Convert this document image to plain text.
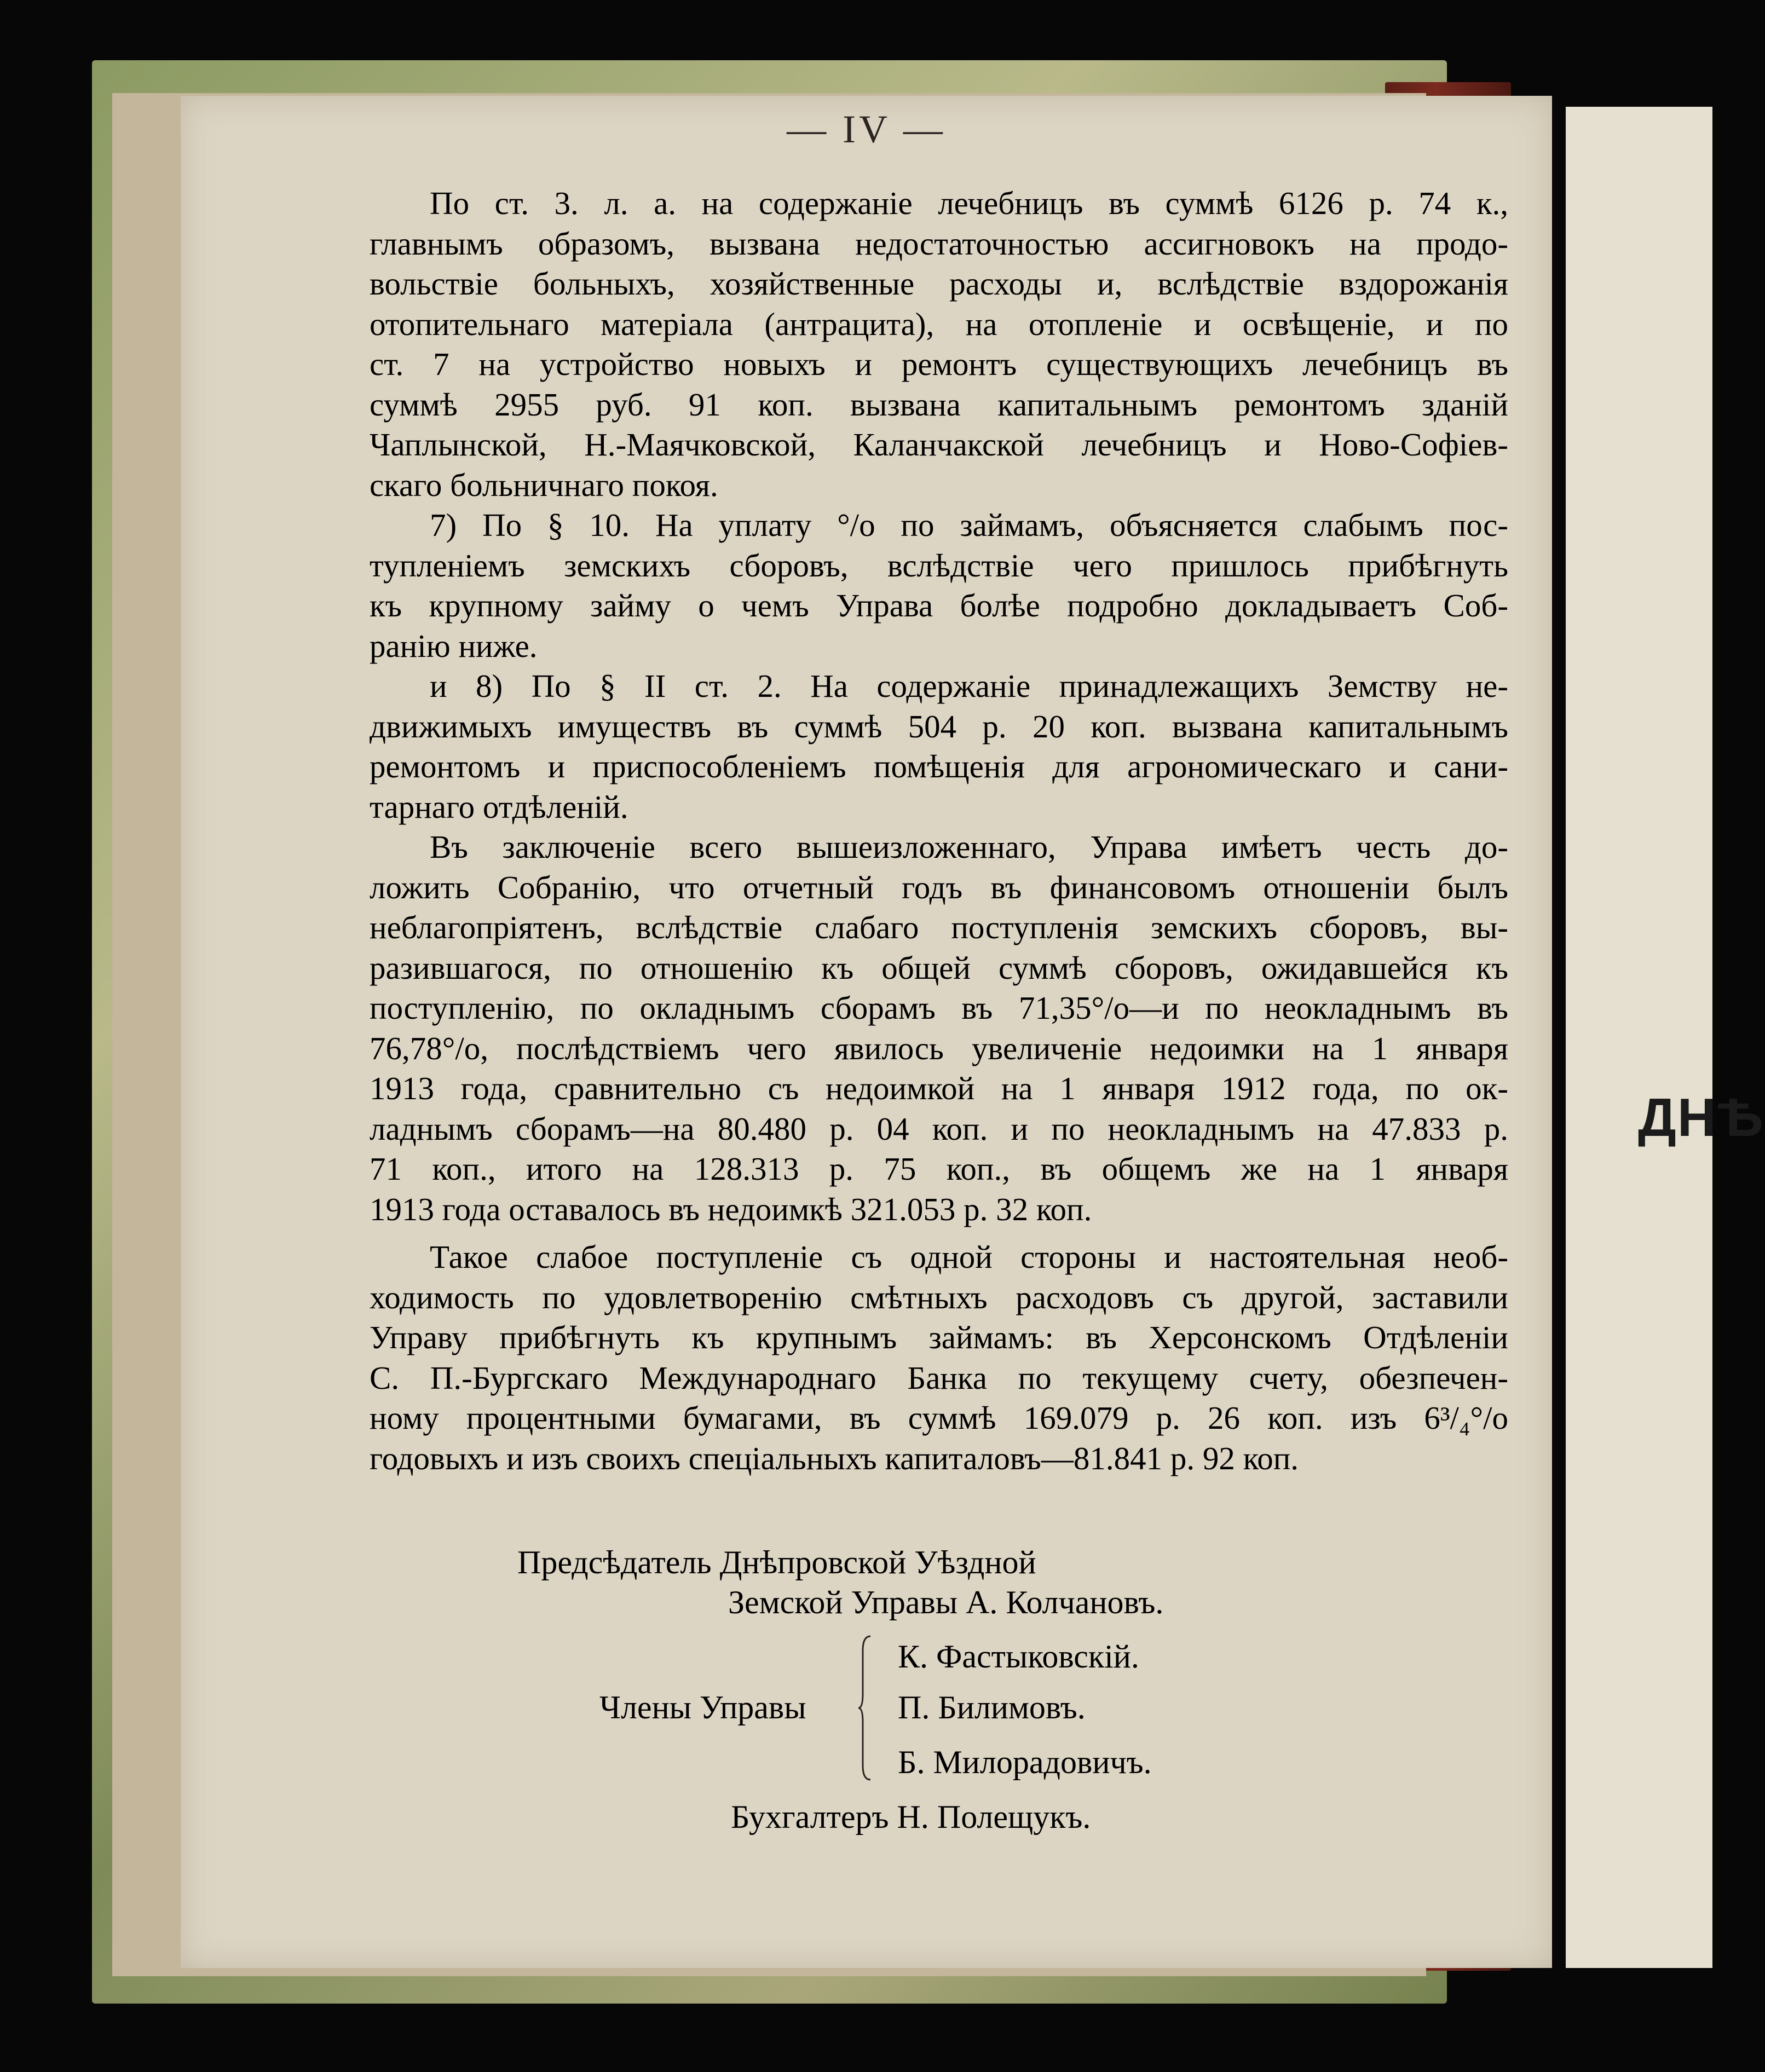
ДНѢ
— IV —
По ст. 3. л. а. на содержаніе лечебницъ въ суммѣ 6126 р. 74 к.,
главнымъ образомъ, вызвана недостаточностью ассигновокъ на продо-
вольствіе больныхъ, хозяйственные расходы и, вслѣдствіе вздорожанія
отопительнаго матеріала (антрацита), на отопленіе и освѣщеніе, и по
ст. 7 на устройство новыхъ и ремонтъ существующихъ лечебницъ въ
суммѣ 2955 руб. 91 коп. вызвана капитальнымъ ремонтомъ зданій
Чаплынской, Н.-Маячковской, Каланчакской лечебницъ и Ново-Софіев-
скаго больничнаго покоя.
7) По § 10. На уплату °/о по займамъ, объясняется слабымъ пос-
тупленіемъ земскихъ сборовъ, вслѣдствіе чего пришлось прибѣгнуть
къ крупному займу о чемъ Управа болѣе подробно докладываетъ Соб-
ранію ниже.
и 8) По § II ст. 2. На содержаніе принадлежащихъ Земству не-
движимыхъ имуществъ въ суммѣ 504 р. 20 коп. вызвана капитальнымъ
ремонтомъ и приспособленіемъ помѣщенія для агрономическаго и сани-
тарнаго отдѣленій.
Въ заключеніе всего вышеизложеннаго, Управа имѣетъ честь до-
ложить Собранію, что отчетный годъ въ финансовомъ отношеніи былъ
неблагопріятенъ, вслѣдствіе слабаго поступленія земскихъ сборовъ, вы-
разившагося, по отношенію къ общей суммѣ сборовъ, ожидавшейся къ
поступленію, по окладнымъ сборамъ въ 71,35°/о—и по неокладнымъ въ
76,78°/о, послѣдствіемъ чего явилось увеличеніе недоимки на 1 января
1913 года, сравнительно съ недоимкой на 1 января 1912 года, по ок-
ладнымъ сборамъ—на 80.480 р. 04 коп. и по неокладнымъ на 47.833 р.
71 коп., итого на 128.313 р. 75 коп., въ общемъ же на 1 января
1913 года оставалось въ недоимкѣ 321.053 р. 32 коп.
Такое слабое поступленіе съ одной стороны и настоятельная необ-
ходимость по удовлетворенію смѣтныхъ расходовъ съ другой, заставили
Управу прибѣгнуть къ крупнымъ займамъ: въ Херсонскомъ Отдѣленіи
С. П.-Бургскаго Международнаго Банка по текущему счету, обезпечен-
ному процентными бумагами, въ суммѣ 169.079 р. 26 коп. изъ 6³/₄°/о
годовыхъ и изъ своихъ спеціальныхъ капиталовъ—81.841 р. 92 коп.
Предсѣдатель Днѣпровской Уѣздной
Земской Управы А. Колчановъ.
Члены Управы
К. Фастыковскій.
П. Билимовъ.
Б. Милорадовичъ.
Бухгалтеръ Н. Полещукъ.
